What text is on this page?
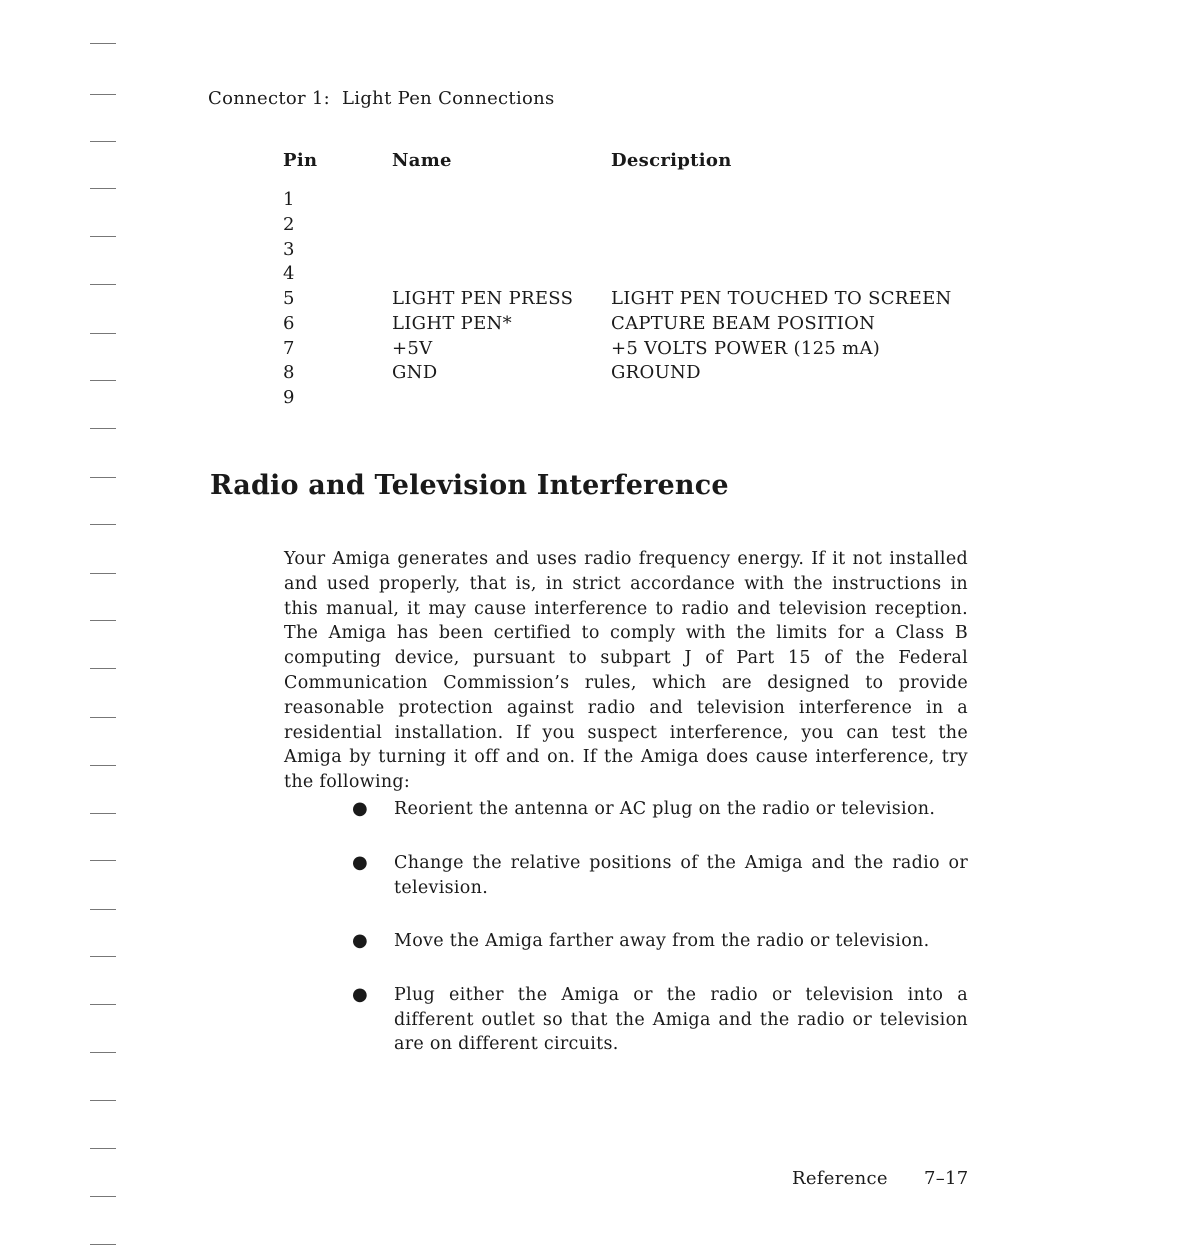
Connector 1: Light Pen Connections
Pin	Name	Description
1
2
3
4
5	LIGHT PEN PRESS	LIGHT PEN TOUCHED TO SCREEN
6	LIGHT PEN*	CAPTURE BEAM POSITION
7	+5V	+5 VOLTS POWER (125 mA)
8	GND	GROUND
9
Radio and Television Interference

Your Amiga generates and uses radio frequency energy. If it not installed and used properly, that is, in strict accordance with the instructions in this manual, it may cause interference to radio and television reception. The Amiga has been certified to comply with the limits for a Class B computing device, pursuant to subpart J of Part 15 of the Federal Communication Commission’s rules, which are designed to provide reasonable protection against radio and television interference in a residential installation. If you suspect interference, you can test the Amiga by turning it off and on. If the Amiga does cause interference, try the following:

●	Reorient the antenna or AC plug on the radio or television.
●	Change the relative positions of the Amiga and the radio or television.
●	Move the Amiga farther away from the radio or television.
●	Plug either the Amiga or the radio or television into a different outlet so that the Amiga and the radio or television are on different circuits.
Reference 7–17
